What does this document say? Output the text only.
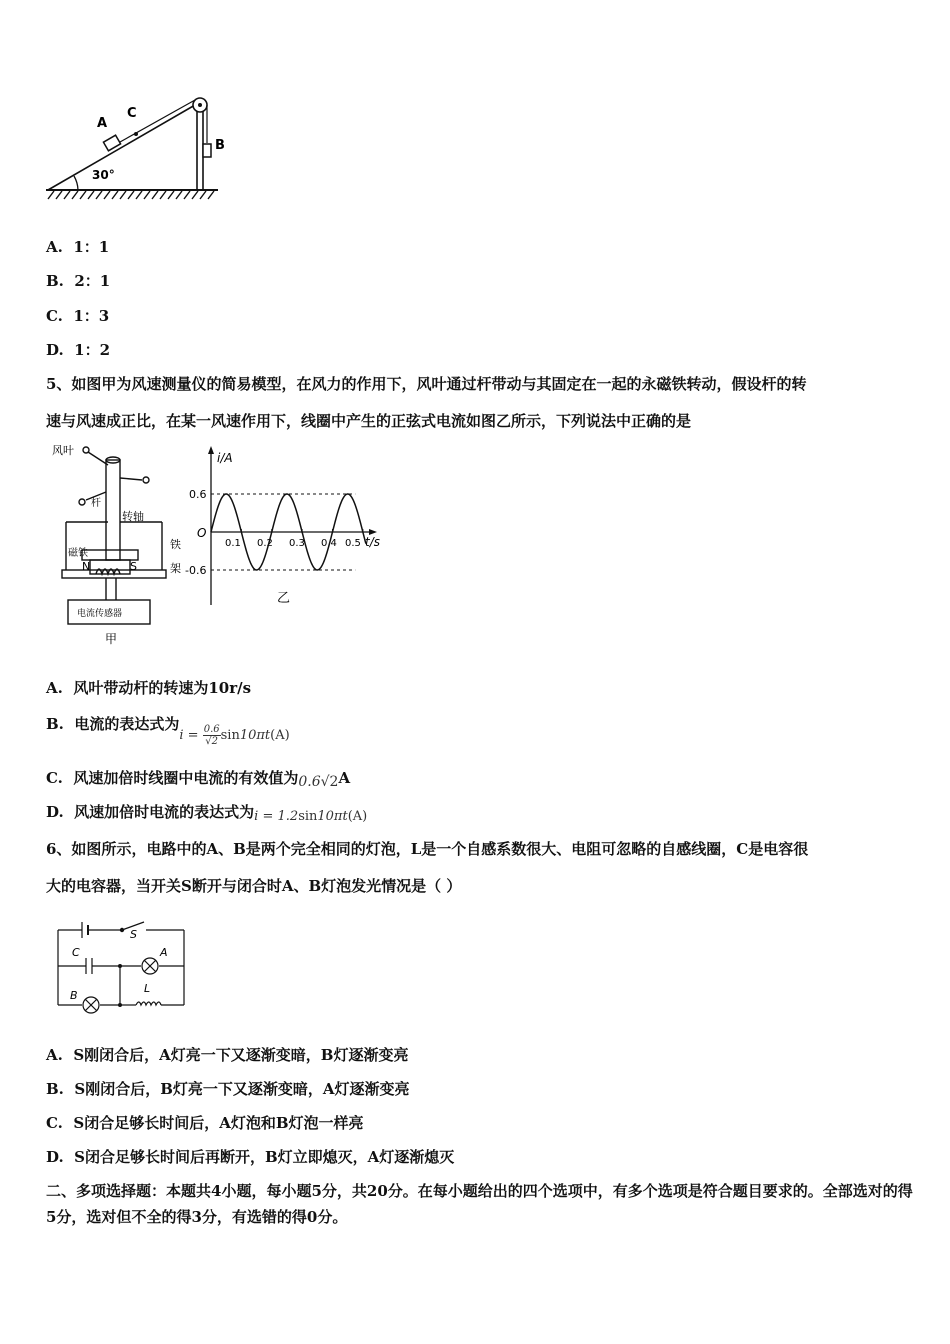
A
C
B
30°
A. 1：1
B. 2：1
C. 1：3
D. 1：2
5、如图甲为风速测量仪的简易模型，在风力的作用下，风叶通过杆带动与其固定在一起的永磁铁转动，假设杆的转
速与风速成正比，在某一风速作用下，线圈中产生的正弦式电流如图乙所示，下列说法中正确的是
风叶
杆
转轴
磁铁
铁
架
N	S
电流传感器
甲
i/A
t/s
O
0.6
-0.6
0.1 0.2 0.3 0.4 0.5
乙
A. 风叶带动杆的转速为10r/s
B. 电流的表达式为$i = \frac{0.6}{√2} \sin 10\pi t(A)$
C. 风速加倍时线圈中电流的有效值为0.6√2A
D. 风速加倍时电流的表达式为i = 1.2sin10πt(A)
6、如图所示，电路中的A、B是两个完全相同的灯泡，L是一个自感系数很大、电阻可忽略的自感线圈，C是电容很
大的电容器，当开关S断开与闭合时A、B灯泡发光情况是（ ）
S
C	A
B
L
A. S刚闭合后，A灯亮一下又逐渐变暗，B灯逐渐变亮
B. S刚闭合后，B灯亮一下又逐渐变暗，A灯逐渐变亮
C. S闭合足够长时间后，A灯泡和B灯泡一样亮
D. S闭合足够长时间后再断开，B灯立即熄灭，A灯逐渐熄灭
二、多项选择题：本题共4小题，每小题5分，共20分。在每小题给出的四个选项中，有多个选项是符合题目要求的。全部选对的得5分，选对但不全的得3分，有选错的得0分。
